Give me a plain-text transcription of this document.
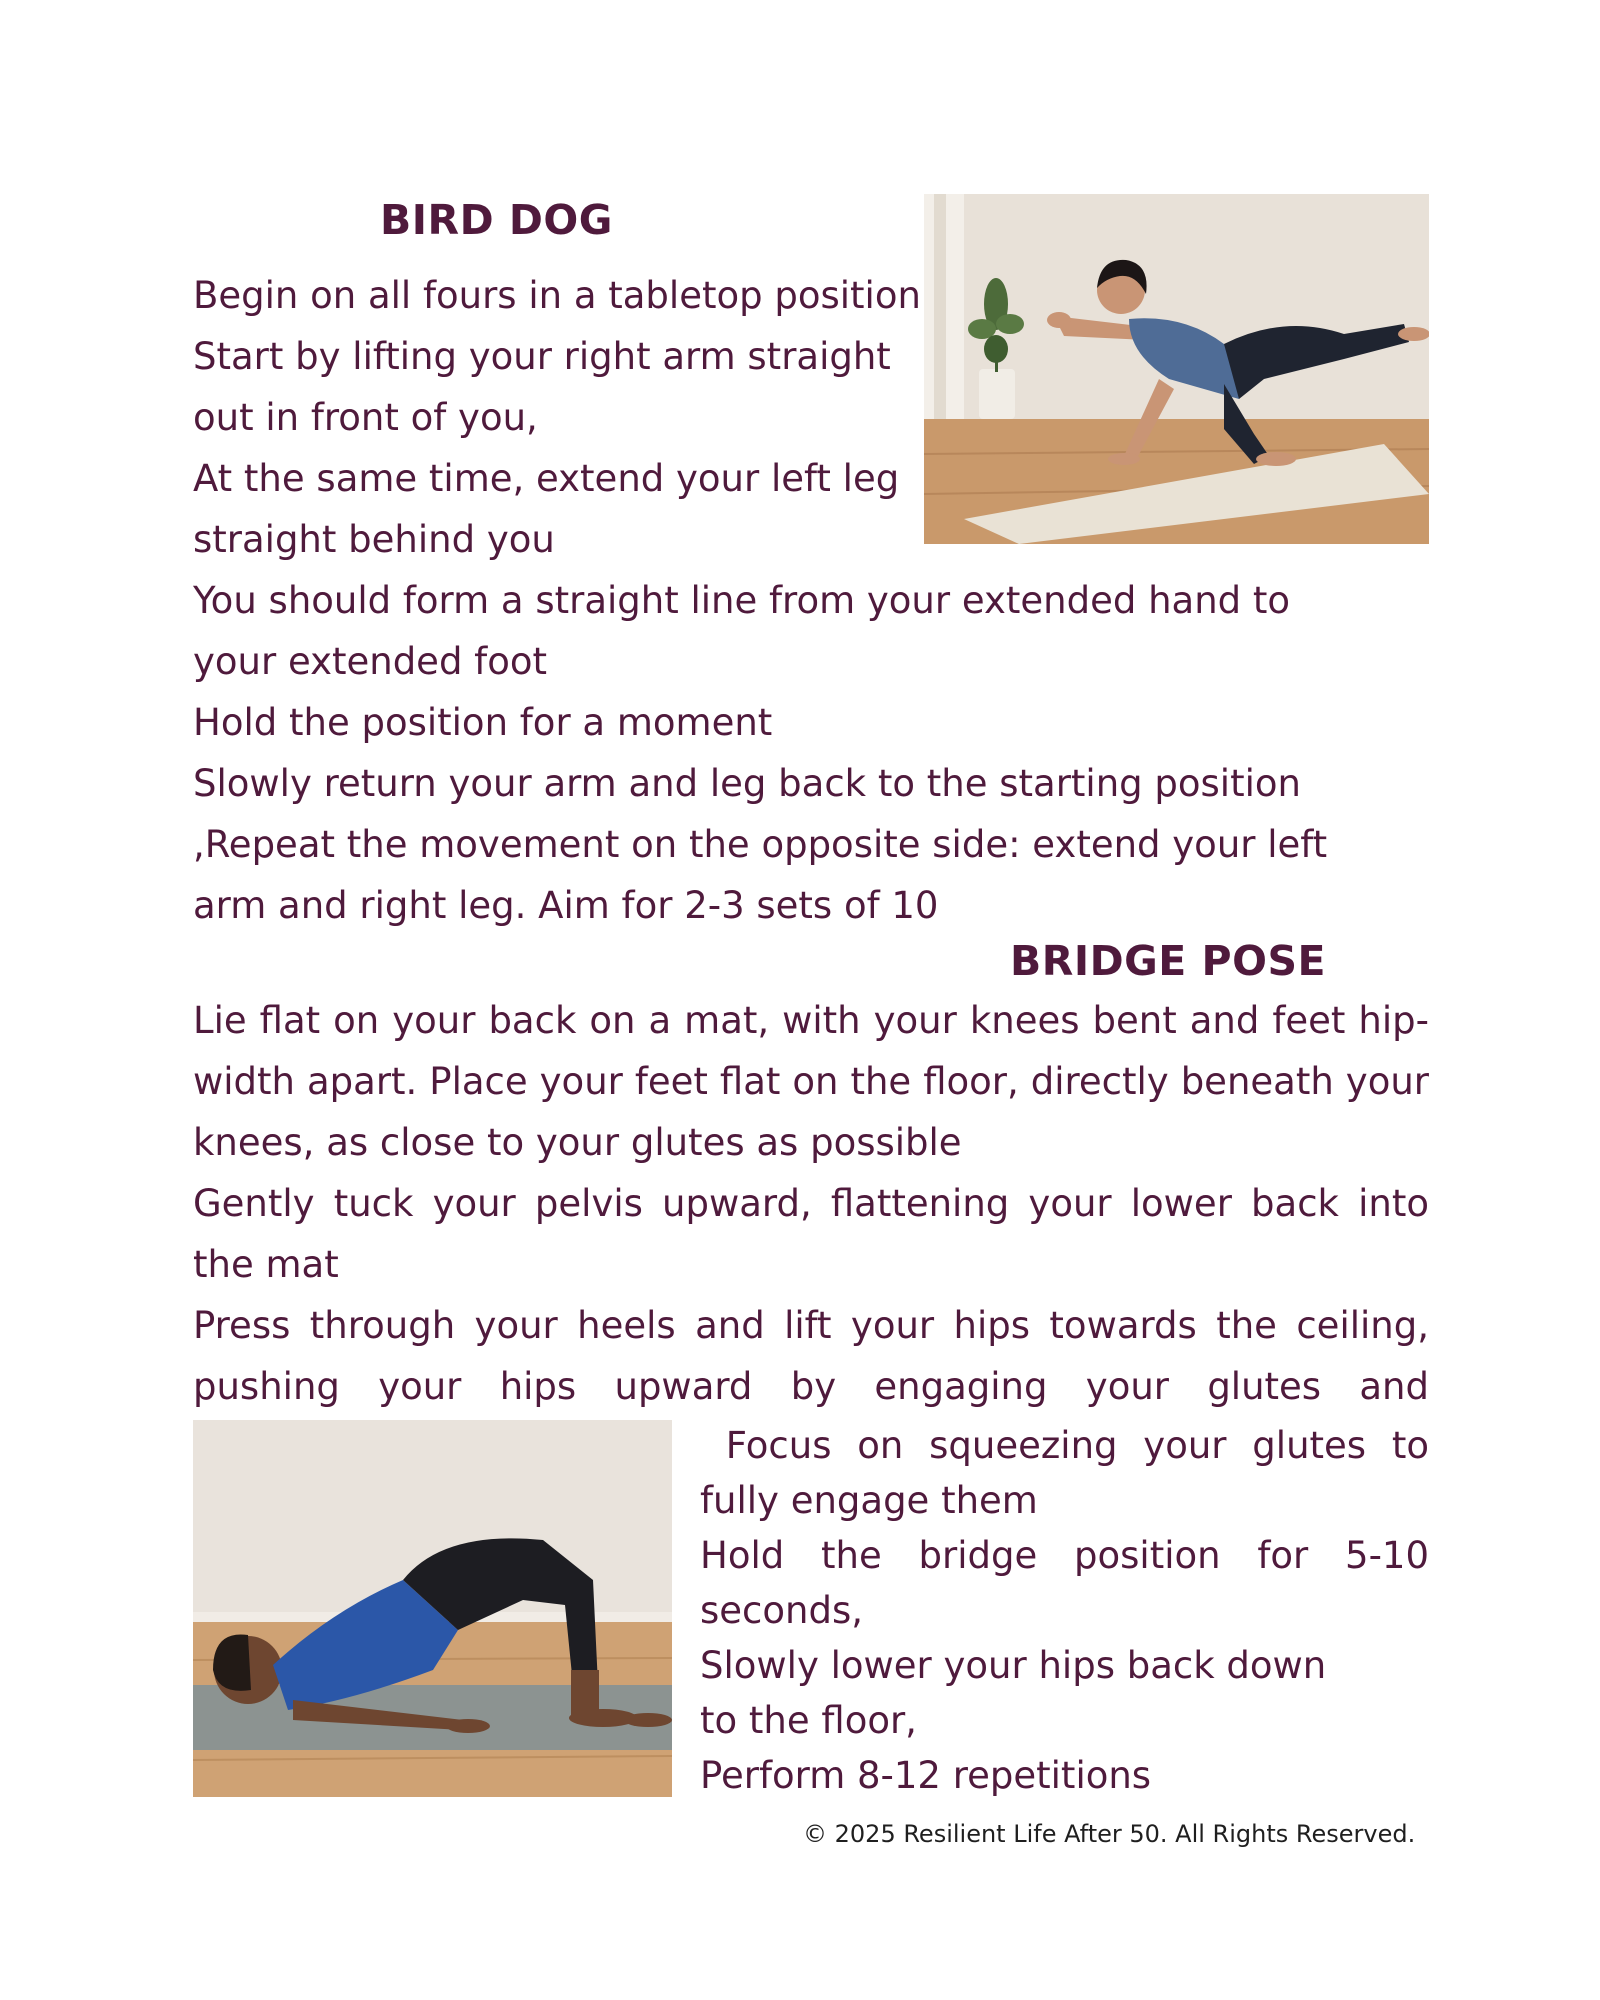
BIRD DOG
Begin on all fours in a tabletop position
Start by lifting your right arm straight
out in front of you,
At the same time, extend your left leg
straight behind you
You should form a straight line from your extended hand to
your extended foot
Hold the position for a moment
Slowly return your arm and leg back to the starting position
,Repeat the movement on the opposite side: extend your left
arm and right leg. Aim for 2-3 sets of 10
BRIDGE POSE
Lie flat on your back on a mat, with your knees bent and feet hip-width apart. Place your feet flat on the floor, directly beneath your knees, as close to your glutes as possible
Gently tuck your pelvis upward, flattening your lower back into the mat
Press through your heels and lift your hips towards the ceiling, pushing your hips upward by engaging your glutes and
Focus on squeezing your glutes to fully engage them
Hold the bridge position for 5-10 seconds,
Slowly lower your hips back down
to the floor,
Perform 8-12 repetitions
© 2025 Resilient Life After 50. All Rights Reserved.
